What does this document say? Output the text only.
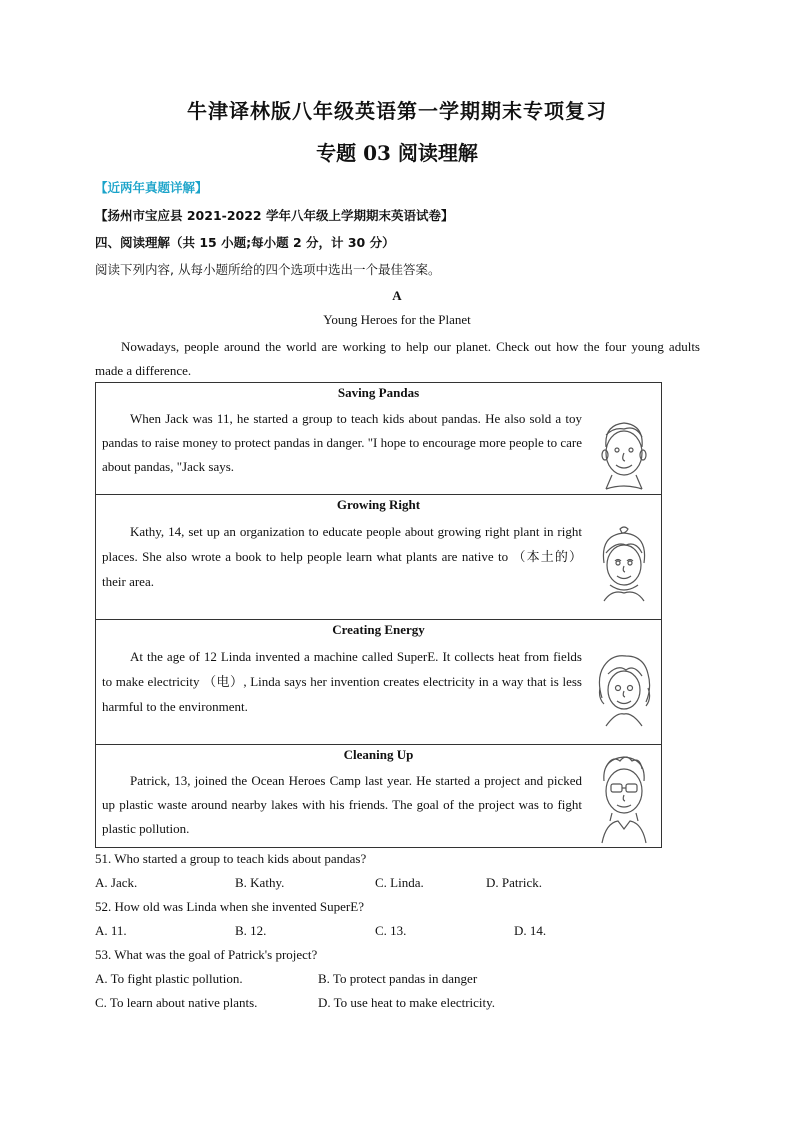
牛津译林版八年级英语第一学期期末专项复习
专题 03 阅读理解
【近两年真题详解】
【扬州市宝应县 2021-2022 学年八年级上学期期末英语试卷】
四、阅读理解（共 15 小题;每小题 2 分，计 30 分）
阅读下列内容, 从每小题所给的四个选项中选出一个最佳答案。
A
Young Heroes for the Planet
Nowadays, people around the world are working to help our planet. Check out how the four young adults made a difference.
Saving Pandas
When Jack was 11, he started a group to teach kids about pandas. He also sold a toy pandas to raise money to protect pandas in danger. "I hope to encourage more people to care about pandas, "Jack says.
Growing Right
Kathy, 14, set up an organization to educate people about growing right plant in right places. She also wrote a book to help people learn what plants are native to （本土的）their area.
Creating Energy
At the age of 12 Linda invented a machine called SuperE. It collects heat from fields to make electricity （电）, Linda says her invention creates electricity in a way that is less harmful to the environment.
Cleaning Up
Patrick, 13, joined the Ocean Heroes Camp last year. He started a project and picked up plastic waste around nearby lakes with his friends. The goal of the project was to fight plastic pollution.
51. Who started a group to teach kids about pandas?
A. Jack.	B. Kathy.	C. Linda.	D. Patrick.
52. How old was Linda when she invented SuperE?
A. 11.	B. 12.	C. 13.	D. 14.
53. What was the goal of Patrick's project?
A. To fight plastic pollution.	B. To protect pandas in danger
C. To learn about native plants.	D. To use heat to make electricity.
